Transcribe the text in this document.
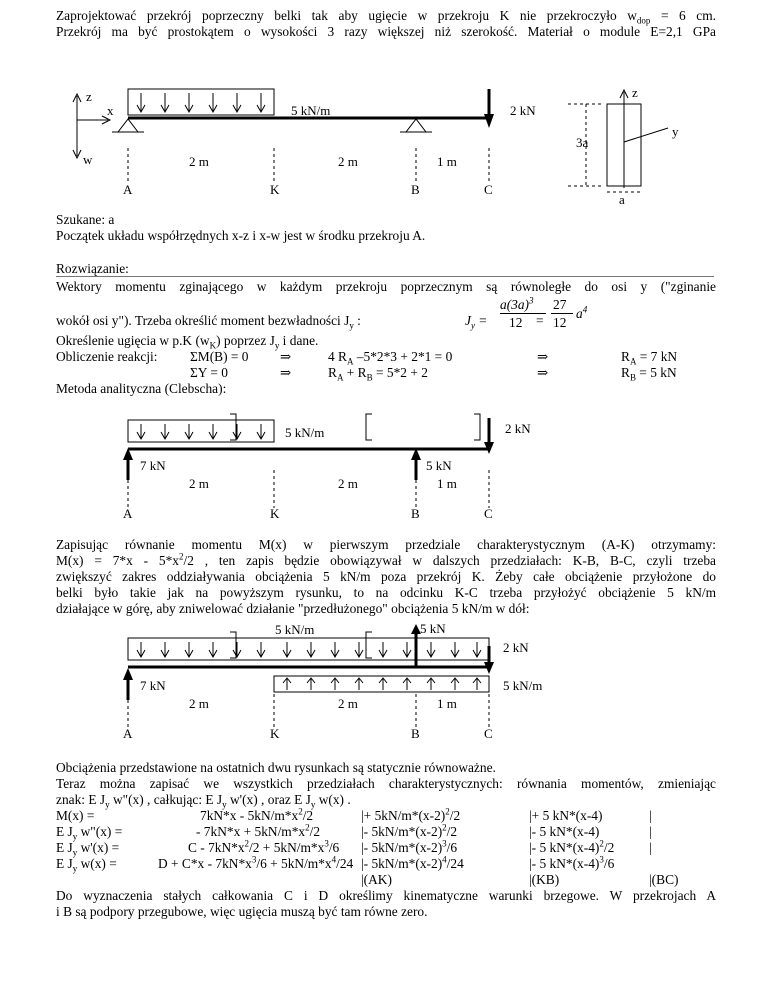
Zaprojektować przekrój poprzeczny belki tak aby ugięcie w przekroju K nie przekroczyło $w_{dop} = 6$ cm.
Przekrój ma być prostokątem o wysokości 3 razy większej niż szerokość. Materiał o module E=2,1 GPa
z
x
w
5 kN/m	2 kN
2 m	2 m	1 m
A	K	B	C
z
y
3a
a
Szukane: a
Początek układu współrzędnych x-z i x-w jest w środku przekroju A.
Rozwiązanie:
Wektory momentu zginającego w każdym przekroju poprzecznym są równoległe do osi y ("zginanie
wokół osi y"). Trzeba określić moment bezwładności $J_y$ :	$J_y$ =
$a(3a)^3$
12 =
27
12
$a^4$
Określenie ugięcia w p.K $(w_K)$ poprzez $J_y$ i dane.
Obliczenie reakcji: ΣM(B) = 0 ⇒	4 $R_A$ –5*2*3 + 2*1 = 0	⇒	$R_A = 7$ kN
ΣY = 0	⇒	$R_A + R_B = 5*2 + 2$	⇒	$R_B = 5$ kN
Metoda analityczna (Clebscha):
5 kN/m	2 kN
7 kN	5 kN
2 m	2 m	1 m
A	K	B	C
Zapisując równanie momentu M(x) w pierwszym przedziale charakterystycznym (A-K) otrzymamy:
$M(x) = 7*x - 5*x^2/2$ , ten zapis będzie obowiązywał w dalszych przedziałach: K-B, B-C, czyli trzeba
zwiększyć zakres oddziaływania obciążenia 5 kN/m poza przekrój K. Żeby całe obciążenie przyłożone do
belki było takie jak na powyższym rysunku, to na odcinku K-C trzeba przyłożyć obciążenie 5 kN/m
działające w górę, aby zniwelować działanie "przedłużonego" obciążenia 5 kN/m w dół:
5 kN/m	5 kN
2 kN
7 kN	5 kN/m
2 m	2 m	1 m
A	K	B	C
Obciążenia przedstawione na ostatnich dwu rysunkach są statycznie równoważne.
Teraz można zapisać we wszystkich przedziałach charakterystycznych: równania momentów, zmieniając
znak: E $J_y$ w"(x) , całkując: E $J_y$ w'(x) , oraz E $J_y$ w(x) .
M(x) =	$7kN*x - 5kN/m*x^2/2$	|+ $5kN/m*(x-2)^2/2$	|+ 5 kN*(x-4)	|
E $J_y$ w"(x) =	- $7kN*x + 5kN/m*x^2/2$	|- $5kN/m*(x-2)^2/2$	|- 5 kN*(x-4)	|
E $J_y$ w'(x) =	$C - 7kN*x^2/2 + 5kN/m*x^3/6$ |- $5kN/m*(x-2)^3/6$	|- 5 $kN*(x-4)^2/2$	|
E $J_y$ w(x) =	$D + C*x - 7kN*x^3/6 + 5kN/m*x^4/24$ |- $5kN/m*(x-2)^4/24$	|- 5 $kN*(x-4)^3/6$
|(AK)	|(KB)	|(BC)
Do wyznaczenia stałych całkowania C i D określimy kinematyczne warunki brzegowe. W przekrojach A
i B są podpory przegubowe, więc ugięcia muszą być tam równe zero.
